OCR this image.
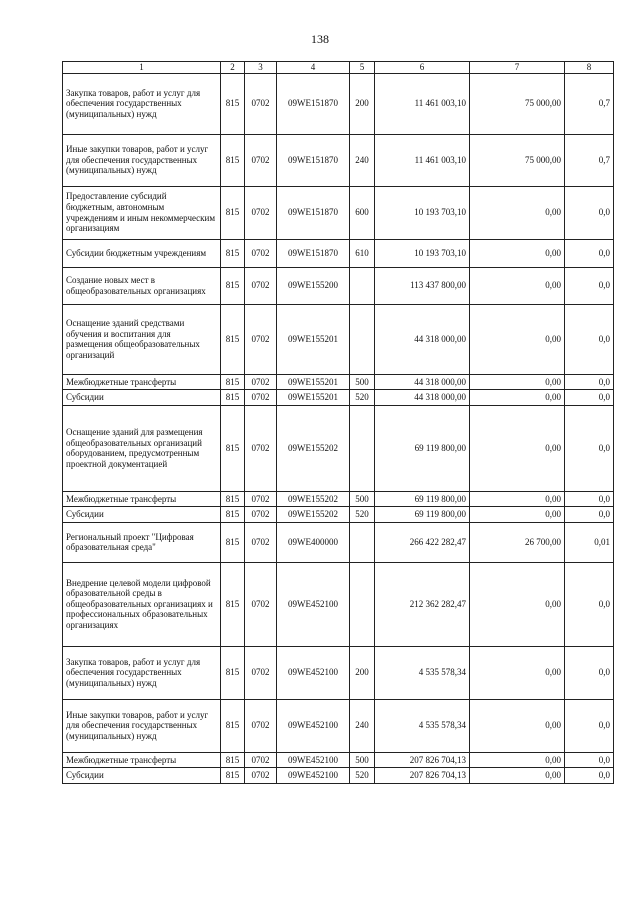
138
1	2	3	4	5	6	7	8
Закупка товаров, работ и услуг для обеспечения государственных (муниципальных) нужд	815	0702	09WE151870	200	11 461 003,10	75 000,00	0,7
Иные закупки товаров, работ и услуг для обеспечения государственных (муниципальных) нужд	815	0702	09WE151870	240	11 461 003,10	75 000,00	0,7
Предоставление субсидий бюджетным, автономным учреждениям и иным некоммерческим организациям	815	0702	09WE151870	600	10 193 703,10	0,00	0,0
Субсидии бюджетным учреждениям	815	0702	09WE151870	610	10 193 703,10	0,00	0,0
Создание новых мест в общеобразовательных организациях	815	0702	09WE155200		113 437 800,00	0,00	0,0
Оснащение зданий средствами обучения и воспитания для размещения общеобразовательных организаций	815	0702	09WE155201		44 318 000,00	0,00	0,0
Межбюджетные трансферты	815	0702	09WE155201	500	44 318 000,00	0,00	0,0
Субсидии	815	0702	09WE155201	520	44 318 000,00	0,00	0,0
Оснащение зданий для размещения общеобразовательных организаций оборудованием, предусмотренным проектной документацией	815	0702	09WE155202		69 119 800,00	0,00	0,0
Межбюджетные трансферты	815	0702	09WE155202	500	69 119 800,00	0,00	0,0
Субсидии	815	0702	09WE155202	520	69 119 800,00	0,00	0,0
Региональный проект "Цифровая образовательная среда"	815	0702	09WE400000		266 422 282,47	26 700,00	0,01
Внедрение целевой модели цифровой образовательной среды в общеобразовательных организациях и профессиональных образовательных организациях	815	0702	09WE452100		212 362 282,47	0,00	0,0
Закупка товаров, работ и услуг для обеспечения государственных (муниципальных) нужд	815	0702	09WE452100	200	4 535 578,34	0,00	0,0
Иные закупки товаров, работ и услуг для обеспечения государственных (муниципальных) нужд	815	0702	09WE452100	240	4 535 578,34	0,00	0,0
Межбюджетные трансферты	815	0702	09WE452100	500	207 826 704,13	0,00	0,0
Субсидии	815	0702	09WE452100	520	207 826 704,13	0,00	0,0
